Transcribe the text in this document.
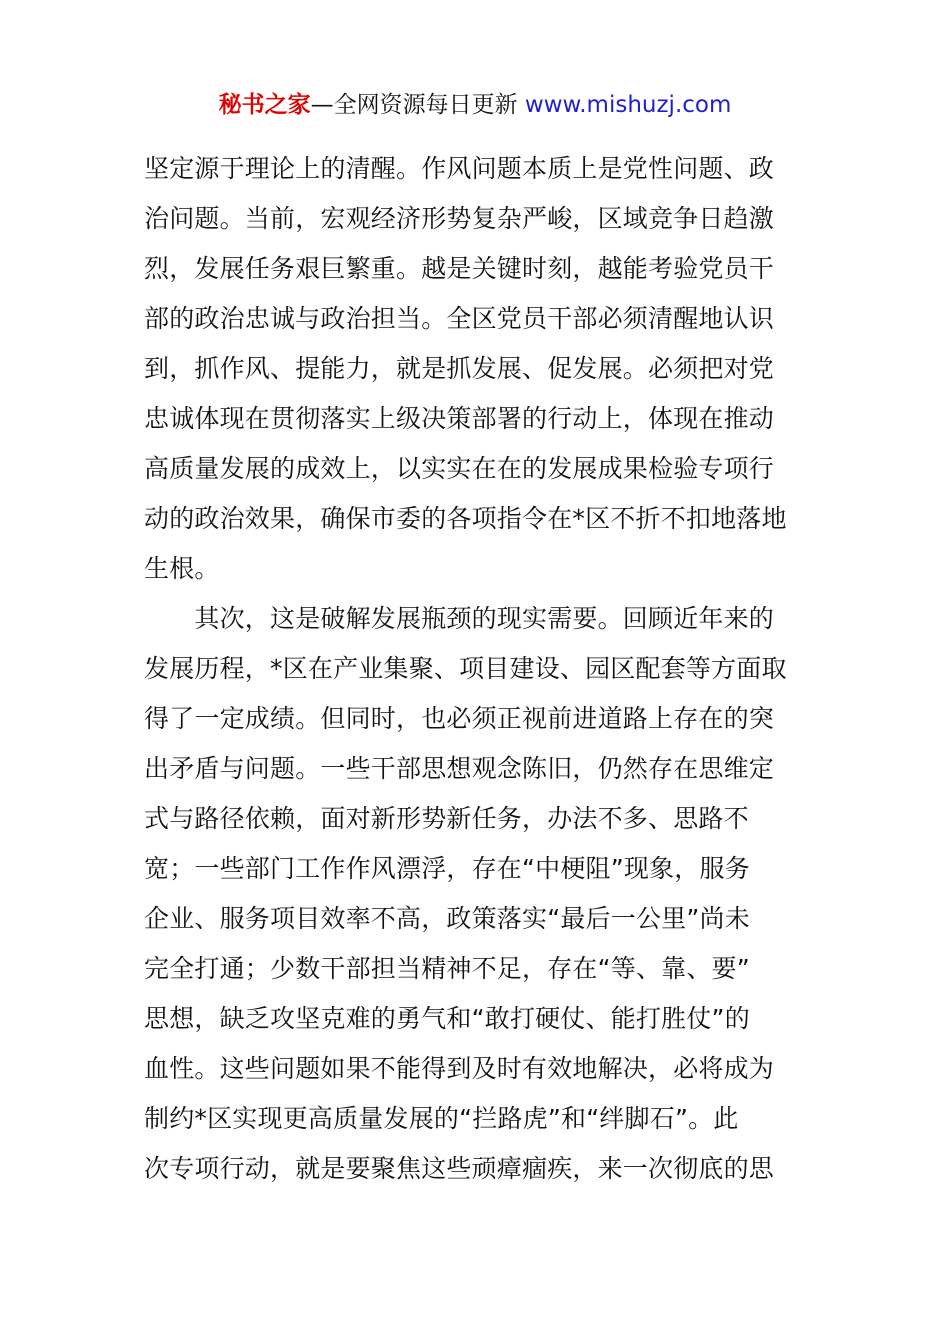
秘书之家—全网资源每日更新 www.mishuzj.com
坚定源于理论上的清醒。作风问题本质上是党性问题、政
治问题。当前，宏观经济形势复杂严峻，区域竞争日趋激
烈，发展任务艰巨繁重。越是关键时刻，越能考验党员干
部的政治忠诚与政治担当。全区党员干部必须清醒地认识
到，抓作风、提能力，就是抓发展、促发展。必须把对党
忠诚体现在贯彻落实上级决策部署的行动上，体现在推动
高质量发展的成效上，以实实在在的发展成果检验专项行
动的政治效果，确保市委的各项指令在*区不折不扣地落地
生根。
　　其次，这是破解发展瓶颈的现实需要。回顾近年来的
发展历程，*区在产业集聚、项目建设、园区配套等方面取
得了一定成绩。但同时，也必须正视前进道路上存在的突
出矛盾与问题。一些干部思想观念陈旧，仍然存在思维定
式与路径依赖，面对新形势新任务，办法不多、思路不
宽；一些部门工作作风漂浮，存在“中梗阻”现象，服务
企业、服务项目效率不高，政策落实“最后一公里”尚未
完全打通；少数干部担当精神不足，存在“等、靠、要”
思想，缺乏攻坚克难的勇气和“敢打硬仗、能打胜仗”的
血性。这些问题如果不能得到及时有效地解决，必将成为
制约*区实现更高质量发展的“拦路虎”和“绊脚石”。此
次专项行动，就是要聚焦这些顽瘴痼疾，来一次彻底的思
